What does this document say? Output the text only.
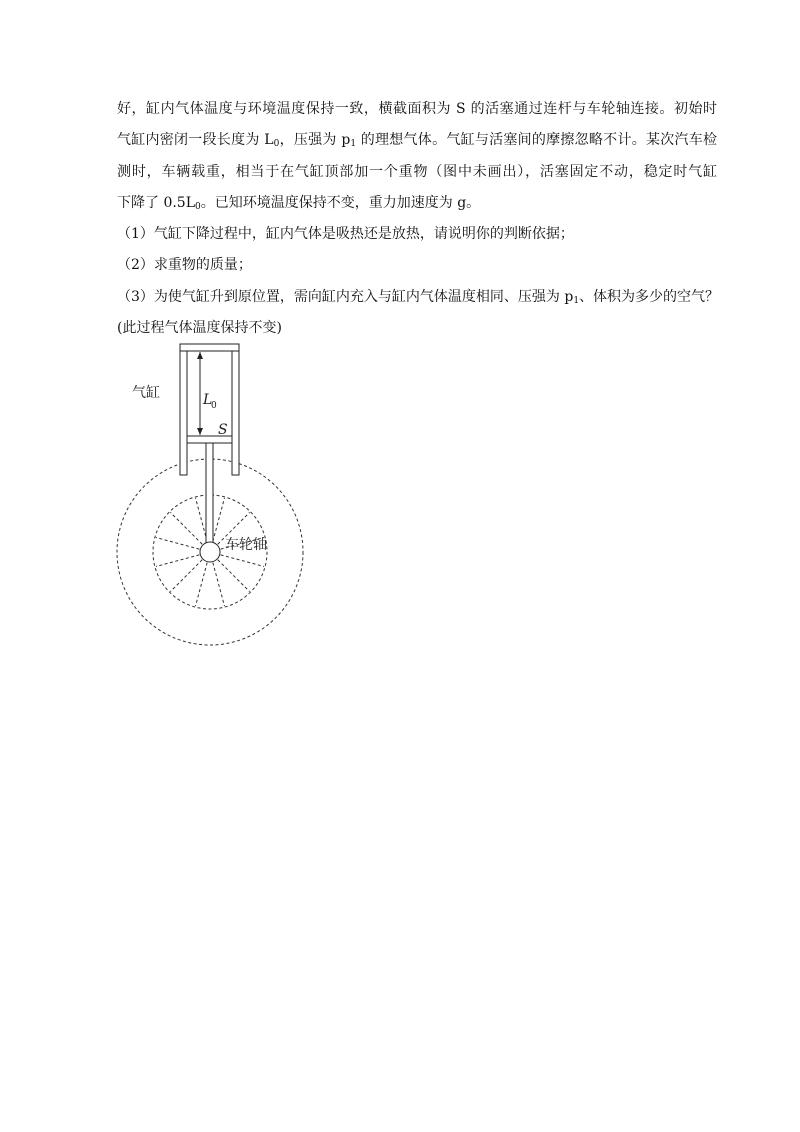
好，缸内气体温度与环境温度保持一致，横截面积为 S 的活塞通过连杆与车轮轴连接。初始时
气缸内密闭一段长度为 $L_0$，压强为 $p_1$ 的理想气体。气缸与活塞间的摩擦忽略不计。某次汽车检
测时，车辆载重，相当于在气缸顶部加一个重物（图中未画出），活塞固定不动，稳定时气缸
下降了 $0.5L_0$。已知环境温度保持不变，重力加速度为 g。
（1）气缸下降过程中，缸内气体是吸热还是放热，请说明你的判断依据；
（2）求重物的质量；
（3）为使气缸升到原位置，需向缸内充入与缸内气体温度相同、压强为 $p_1$、体积为多少的空气？
(此过程气体温度保持不变)
气缸	L
0
S
车轮轴
